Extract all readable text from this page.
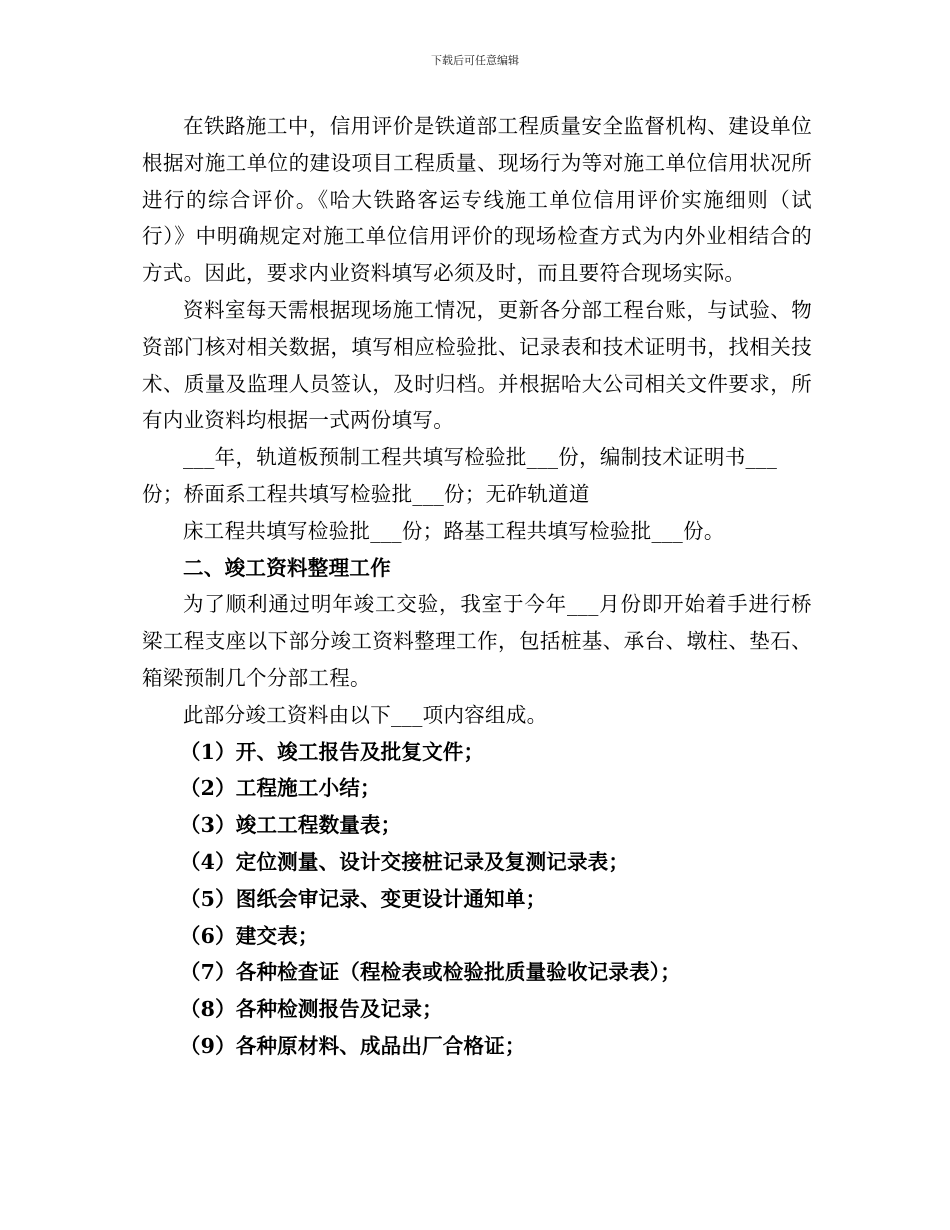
下载后可任意编辑

在铁路施工中，信用评价是铁道部工程质量安全监督机构、建设单位根据对施工单位的建设项目工程质量、现场行为等对施工单位信用状况所进行的综合评价。《哈大铁路客运专线施工单位信用评价实施细则（试行）》中明确规定对施工单位信用评价的现场检查方式为内外业相结合的方式。因此，要求内业资料填写必须及时，而且要符合现场实际。

资料室每天需根据现场施工情况，更新各分部工程台账，与试验、物资部门核对相关数据，填写相应检验批、记录表和技术证明书，找相关技术、质量及监理人员签认，及时归档。并根据哈大公司相关文件要求，所有内业资料均根据一式两份填写。

___年，轨道板预制工程共填写检验批___份，编制技术证明书___

份；桥面系工程共填写检验批___份；无砟轨道道

床工程共填写检验批___份；路基工程共填写检验批___份。

二、竣工资料整理工作

为了顺利通过明年竣工交验，我室于今年___月份即开始着手进行桥梁工程支座以下部分竣工资料整理工作，包括桩基、承台、墩柱、垫石、箱梁预制几个分部工程。

此部分竣工资料由以下___项内容组成。

（1）开、竣工报告及批复文件；

（2）工程施工小结；

（3）竣工工程数量表；

（4）定位测量、设计交接桩记录及复测记录表；

（5）图纸会审记录、变更设计通知单；

（6）建交表；

（7）各种检查证（程检表或检验批质量验收记录表）；

（8）各种检测报告及记录；

（9）各种原材料、成品出厂合格证；
